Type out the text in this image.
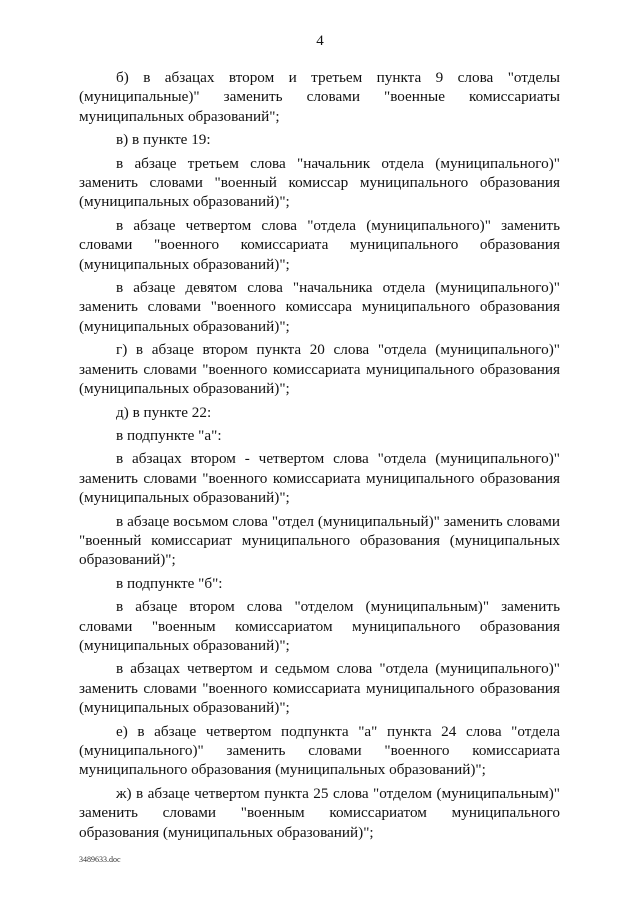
4

б) в абзацах втором и третьем пункта 9 слова "отделы (муниципальные)" заменить словами "военные комиссариаты муниципальных образований";

в) в пункте 19:

в абзаце третьем слова "начальник отдела (муниципального)" заменить словами "военный комиссар муниципального образования (муниципальных образований)";

в абзаце четвертом слова "отдела (муниципального)" заменить словами "военного комиссариата муниципального образования (муниципальных образований)";

в абзаце девятом слова "начальника отдела (муниципального)" заменить словами "военного комиссара муниципального образования (муниципальных образований)";

г) в абзаце втором пункта 20 слова "отдела (муниципального)" заменить словами "военного комиссариата муниципального образования (муниципальных образований)";

д) в пункте 22:

в подпункте "а":

в абзацах втором - четвертом слова "отдела (муниципального)" заменить словами "военного комиссариата муниципального образования (муниципальных образований)";

в абзаце восьмом слова "отдел (муниципальный)" заменить словами "военный комиссариат муниципального образования (муниципальных образований)";

в подпункте "б":

в абзаце втором слова "отделом (муниципальным)" заменить словами "военным комиссариатом муниципального образования (муниципальных образований)";

в абзацах четвертом и седьмом слова "отдела (муниципального)" заменить словами "военного комиссариата муниципального образования (муниципальных образований)";

е) в абзаце четвертом подпункта "а" пункта 24 слова "отдела (муниципального)" заменить словами "военного комиссариата муниципального образования (муниципальных образований)";

ж) в абзаце четвертом пункта 25 слова "отделом (муниципальным)" заменить словами "военным комиссариатом муниципального образования (муниципальных образований)";

3489633.doc
